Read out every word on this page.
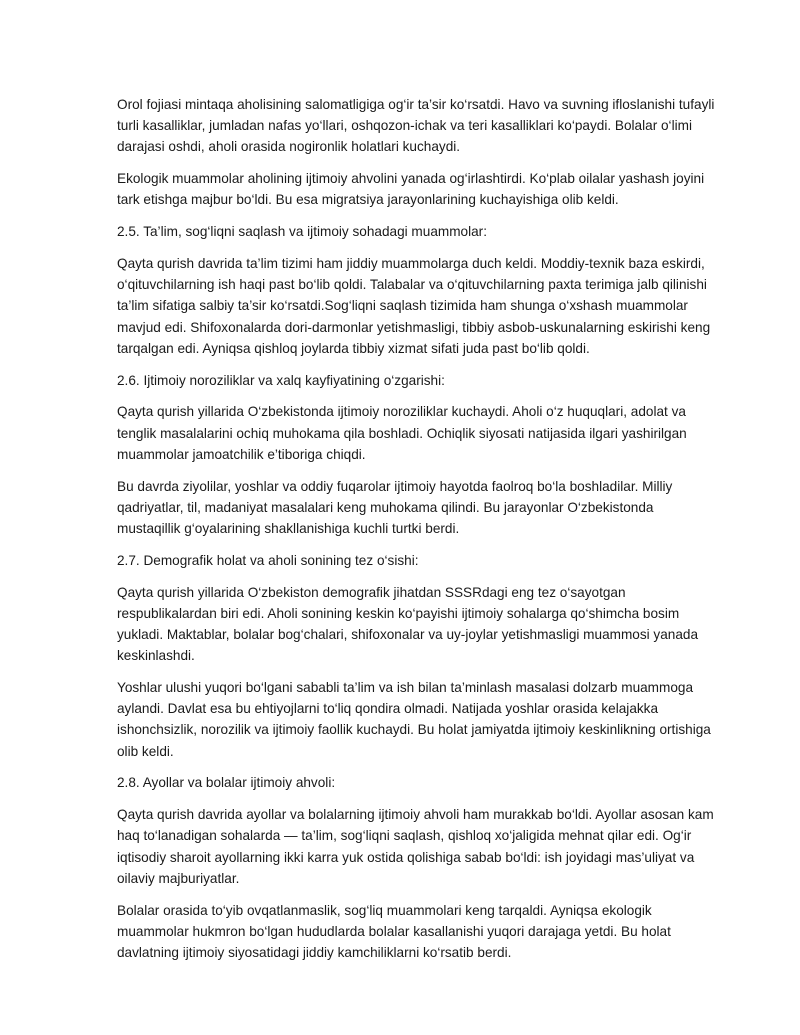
Orol fojiasi mintaqa aholisining salomatligiga og‘ir ta’sir ko‘rsatdi. Havo va suvning ifloslanishi tufayli turli kasalliklar, jumladan nafas yo‘llari, oshqozon-ichak va teri kasalliklari ko‘paydi. Bolalar o‘limi darajasi oshdi, aholi orasida nogironlik holatlari kuchaydi.

Ekologik muammolar aholining ijtimoiy ahvolini yanada og‘irlashtirdi. Ko‘plab oilalar yashash joyini tark etishga majbur bo‘ldi. Bu esa migratsiya jarayonlarining kuchayishiga olib keldi.

2.5. Ta’lim, sog‘liqni saqlash va ijtimoiy sohadagi muammolar:

Qayta qurish davrida ta’lim tizimi ham jiddiy muammolarga duch keldi. Moddiy-texnik baza eskirdi, o‘qituvchilarning ish haqi past bo‘lib qoldi. Talabalar va o‘qituvchilarning paxta terimiga jalb qilinishi ta’lim sifatiga salbiy ta’sir ko‘rsatdi.Sog‘liqni saqlash tizimida ham shunga o‘xshash muammolar mavjud edi. Shifoxonalarda dori-darmonlar yetishmasligi, tibbiy asbob-uskunalarning eskirishi keng tarqalgan edi. Ayniqsa qishloq joylarda tibbiy xizmat sifati juda past bo‘lib qoldi.

2.6. Ijtimoiy noroziliklar va xalq kayfiyatining o‘zgarishi:

Qayta qurish yillarida O‘zbekistonda ijtimoiy noroziliklar kuchaydi. Aholi o‘z huquqlari, adolat va tenglik masalalarini ochiq muhokama qila boshladi. Ochiqlik siyosati natijasida ilgari yashirilgan muammolar jamoatchilik e’tiboriga chiqdi.

Bu davrda ziyolilar, yoshlar va oddiy fuqarolar ijtimoiy hayotda faolroq bo‘la boshladilar. Milliy qadriyatlar, til, madaniyat masalalari keng muhokama qilindi. Bu jarayonlar O‘zbekistonda mustaqillik g‘oyalarining shakllanishiga kuchli turtki berdi.

2.7. Demografik holat va aholi sonining tez o‘sishi:

Qayta qurish yillarida O‘zbekiston demografik jihatdan SSSRdagi eng tez o‘sayotgan respublikalardan biri edi. Aholi sonining keskin ko‘payishi ijtimoiy sohalarga qo‘shimcha bosim yukladi. Maktablar, bolalar bog‘chalari, shifoxonalar va uy-joylar yetishmasligi muammosi yanada keskinlashdi.

Yoshlar ulushi yuqori bo‘lgani sababli ta’lim va ish bilan ta’minlash masalasi dolzarb muammoga aylandi. Davlat esa bu ehtiyojlarni to‘liq qondira olmadi. Natijada yoshlar orasida kelajakka ishonchsizlik, norozilik va ijtimoiy faollik kuchaydi. Bu holat jamiyatda ijtimoiy keskinlikning ortishiga olib keldi.

2.8. Ayollar va bolalar ijtimoiy ahvoli:

Qayta qurish davrida ayollar va bolalarning ijtimoiy ahvoli ham murakkab bo‘ldi. Ayollar asosan kam haq to‘lanadigan sohalarda — ta’lim, sog‘liqni saqlash, qishloq xo‘jaligida mehnat qilar edi. Og‘ir iqtisodiy sharoit ayollarning ikki karra yuk ostida qolishiga sabab bo‘ldi: ish joyidagi mas’uliyat va oilaviy majburiyatlar.

Bolalar orasida to‘yib ovqatlanmaslik, sog‘liq muammolari keng tarqaldi. Ayniqsa ekologik muammolar hukmron bo‘lgan hududlarda bolalar kasallanishi yuqori darajaga yetdi. Bu holat davlatning ijtimoiy siyosatidagi jiddiy kamchiliklarni ko‘rsatib berdi.
